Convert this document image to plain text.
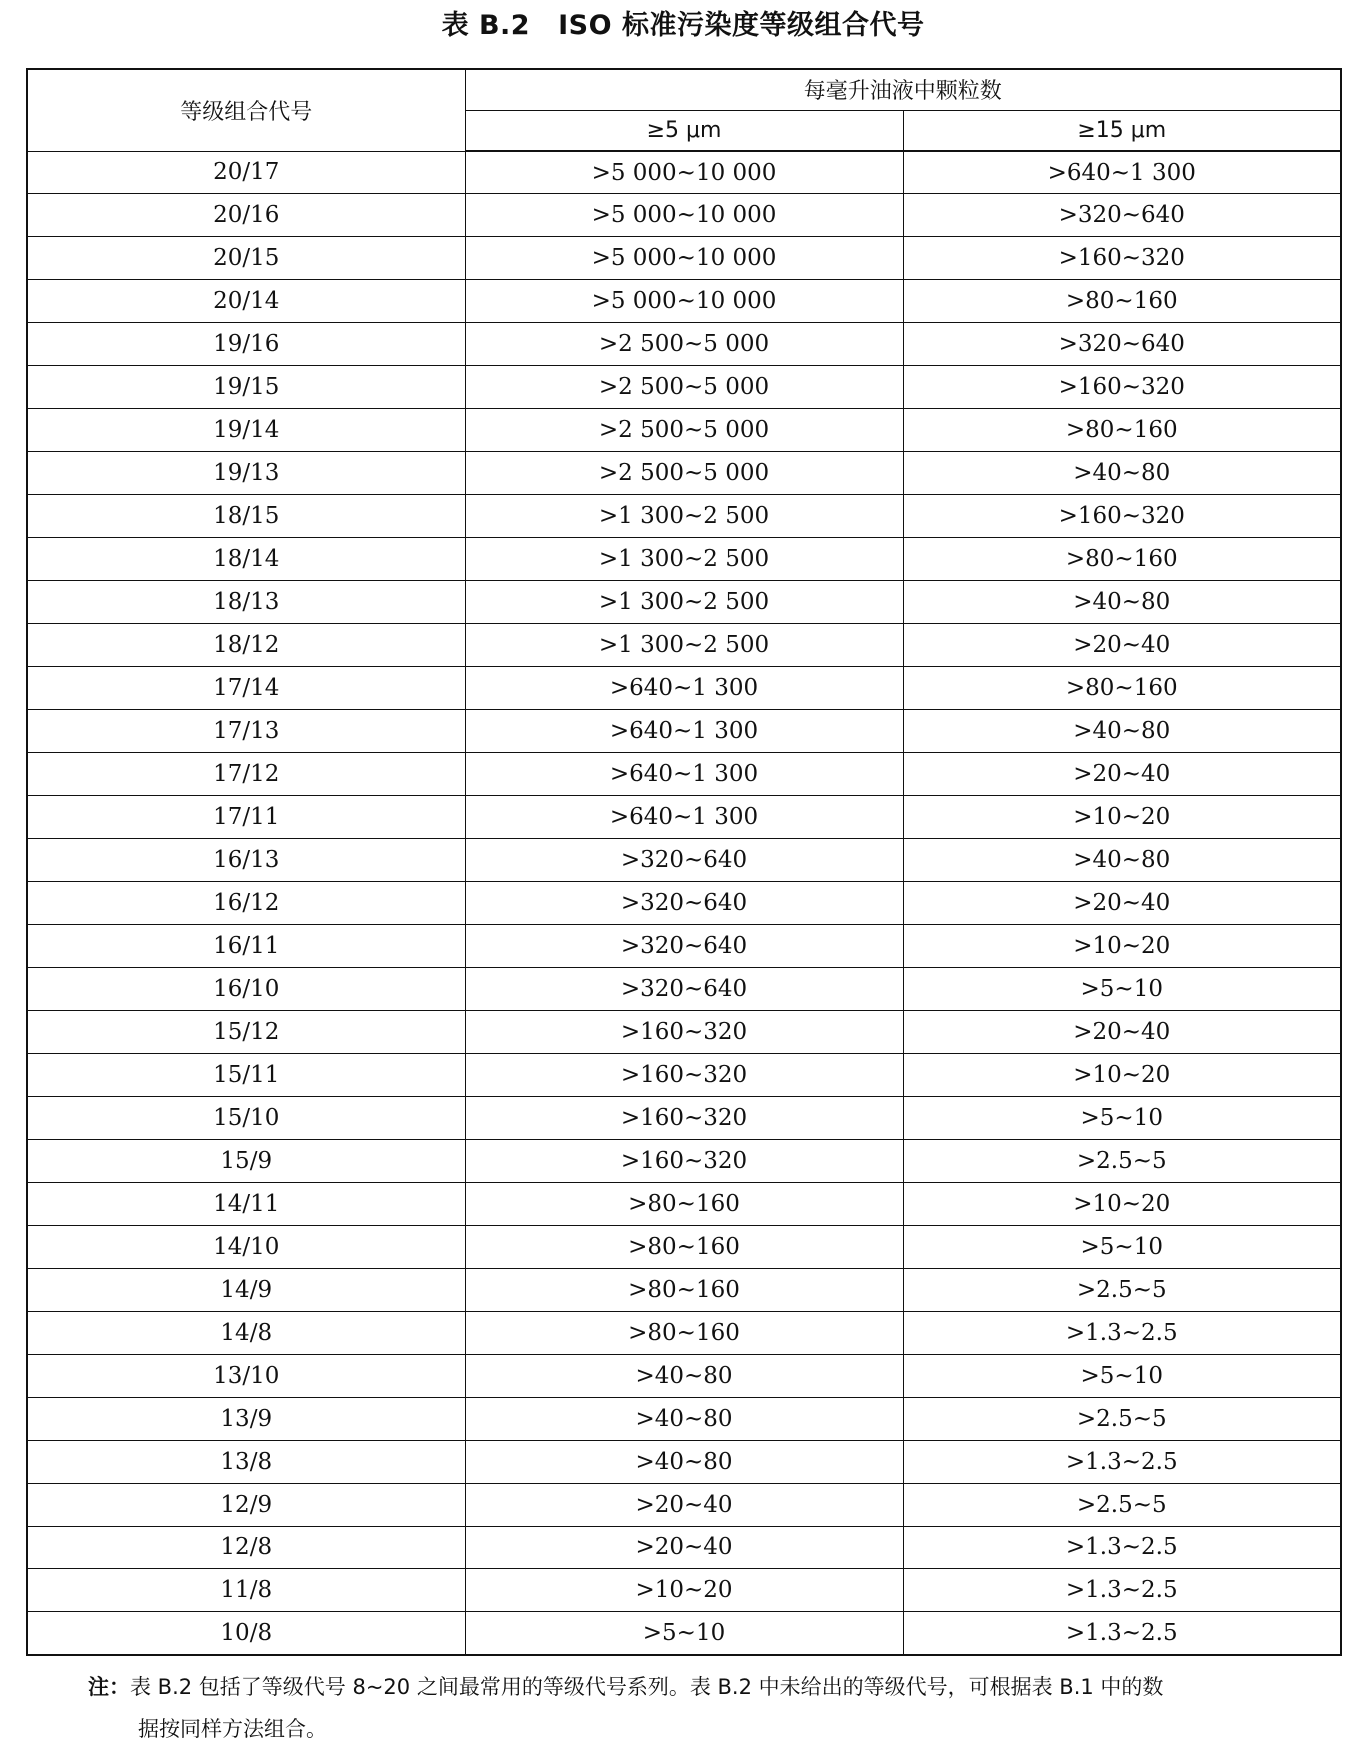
表 B.2 ISO 标准污染度等级组合代号
等级组合代号	每毫升油液中颗粒数	
	≥5 μm	≥15 μm
20/17	>5 000~10 000	>640~1 300
20/16	>5 000~10 000	>320~640
20/15	>5 000~10 000	>160~320
20/14	>5 000~10 000	>80~160
19/16	>2 500~5 000	>320~640
19/15	>2 500~5 000	>160~320
19/14	>2 500~5 000	>80~160
19/13	>2 500~5 000	>40~80
18/15	>1 300~2 500	>160~320
18/14	>1 300~2 500	>80~160
18/13	>1 300~2 500	>40~80
18/12	>1 300~2 500	>20~40
17/14	>640~1 300	>80~160
17/13	>640~1 300	>40~80
17/12	>640~1 300	>20~40
17/11	>640~1 300	>10~20
16/13	>320~640	>40~80
16/12	>320~640	>20~40
16/11	>320~640	>10~20
16/10	>320~640	>5~10
15/12	>160~320	>20~40
15/11	>160~320	>10~20
15/10	>160~320	>5~10
15/9	>160~320	>2.5~5
14/11	>80~160	>10~20
14/10	>80~160	>5~10
14/9	>80~160	>2.5~5
14/8	>80~160	>1.3~2.5
13/10	>40~80	>5~10
13/9	>40~80	>2.5~5
13/8	>40~80	>1.3~2.5
12/9	>20~40	>2.5~5
12/8	>20~40	>1.3~2.5
11/8	>10~20	>1.3~2.5
10/8	>5~10	>1.3~2.5
注：表 B.2 包括了等级代号 8~20 之间最常用的等级代号系列。表 B.2 中未给出的等级代号，可根据表 B.1 中的数
据按同样方法组合。
